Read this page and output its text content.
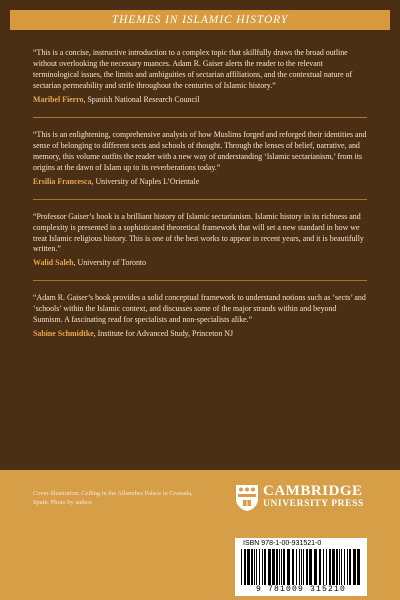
THEMES IN ISLAMIC HISTORY

“This is a concise, instructive introduction to a complex topic that skillfully draws the broad outline without overlooking the necessary nuances. Adam R. Gaiser alerts the reader to the relevant terminological issues, the limits and ambiguities of sectarian affiliations, and the contextual nature of sectarian permeability and strife throughout the centuries of Islamic history.”

Maribel Fierro, Spanish National Research Council

“This is an enlightening, comprehensive analysis of how Muslims forged and reforged their identities and sense of belonging to different sects and schools of thought. Through the lenses of belief, narrative, and memory, this volume outfits the reader with a new way of understanding ‘Islamic sectarianism,’ from its origins at the dawn of Islam up to its reverberations today.”

Ersilia Francesca, University of Naples L’Orientale

“Professor Gaiser’s book is a brilliant history of Islamic sectarianism. Islamic history in its richness and complexity is presented in a sophisticated theoretical framework that will set a new standard in how we treat Islamic religious history. This is one of the best works to appear in recent years, and it is beautifully written.”

Walid Saleh, University of Toronto

“Adam R. Gaiser’s book provides a solid conceptual framework to understand notions such as ‘sects’ and ‘schools’ within the Islamic context, and discusses some of the major strands within and beyond Sunnism. A fascinating read for specialists and non-specialists alike.”

Sabine Schmidtke, Institute for Advanced Study, Princeton NJ
Cover illustration: Ceiling in the Alhambra Palace in Granada, Spain. Photo by author.
CAMBRIDGE
UNIVERSITY PRESS
ISBN 978-1-00-931521-0
9 781009 315210
